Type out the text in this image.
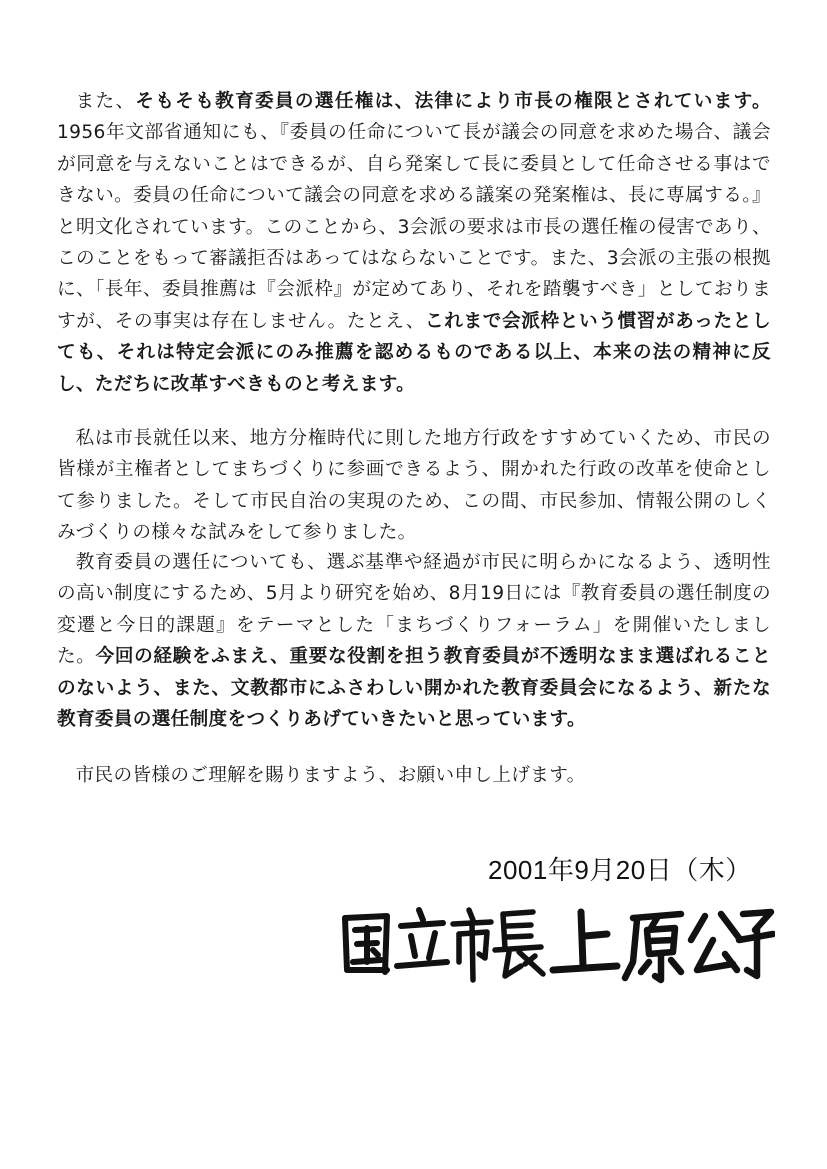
また、そもそも教育委員の選任権は、法律により市長の権限とされています。1956年文部省通知にも、『委員の任命について長が議会の同意を求めた場合、議会が同意を与えないことはできるが、自ら発案して長に委員として任命させる事はできない。委員の任命について議会の同意を求める議案の発案権は、長に専属する。』と明文化されています。このことから、3会派の要求は市長の選任権の侵害であり、このことをもって審議拒否はあってはならないことです。また、3会派の主張の根拠に、「長年、委員推薦は『会派枠』が定めてあり、それを踏襲すべき」としておりますが、その事実は存在しません。たとえ、これまで会派枠という慣習があったとしても、それは特定会派にのみ推薦を認めるものである以上、本来の法の精神に反し、ただちに改革すべきものと考えます。

私は市長就任以来、地方分権時代に則した地方行政をすすめていくため、市民の皆様が主権者としてまちづくりに参画できるよう、開かれた行政の改革を使命として参りました。そして市民自治の実現のため、この間、市民参加、情報公開のしくみづくりの様々な試みをして参りました。

教育委員の選任についても、選ぶ基準や経過が市民に明らかになるよう、透明性の高い制度にするため、5月より研究を始め、8月19日には『教育委員の選任制度の変遷と今日的課題』をテーマとした「まちづくりフォーラム」を開催いたしました。今回の経験をふまえ、重要な役割を担う教育委員が不透明なまま選ばれることのないよう、また、文教都市にふさわしい開かれた教育委員会になるよう、新たな教育委員の選任制度をつくりあげていきたいと思っています。

市民の皆様のご理解を賜りますよう、お願い申し上げます。

2001年9月20日（木）
